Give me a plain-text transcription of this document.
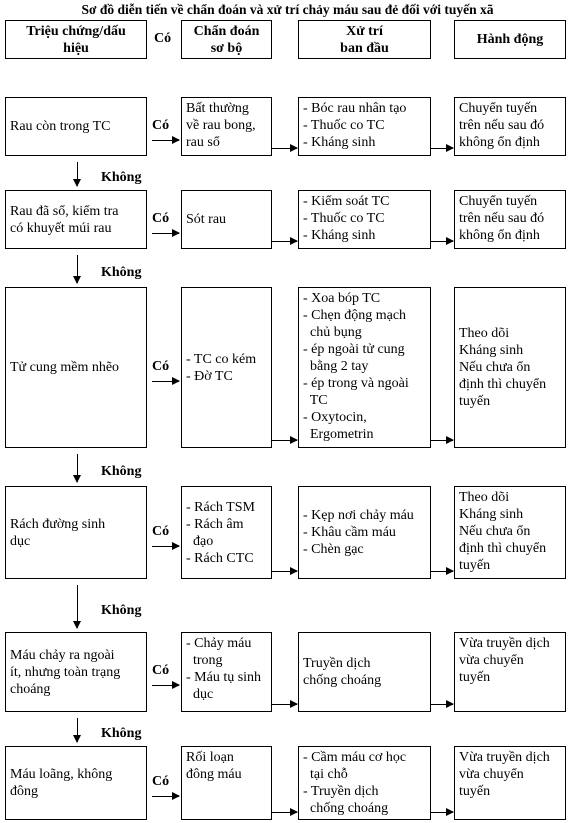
Sơ đồ diễn tiến về chẩn đoán và xử trí chảy máu sau đẻ đối với tuyến xã
Triệu chứng/dấu
hiệu
Có Chẩn đoán
sơ bộ
Xử trí
ban đầu
Hành động
Rau còn trong TC	Có
Bất thường
về rau bong,
rau sổ
- Bóc rau nhân tạo
- Thuốc co TC
- Kháng sinh
Chuyển tuyến
trên nếu sau đó
không ổn định
Không
Rau đã sổ, kiểm tra
có khuyết múi rau
Có Sót rau
- Kiểm soát TC
- Thuốc co TC
- Kháng sinh
Chuyển tuyến
trên nếu sau đó
không ổn định
Không
Tử cung mềm nhẽo Có - TC co kém
- Đờ TC
- Xoa bóp TC
- Chẹn động mạch
chủ bụng
- ép ngoài tử cung
bằng 2 tay
- ép trong và ngoài
TC
- Oxytocin,
Ergometrin
Theo dõi
Kháng sinh
Nếu chưa ổn
định thì chuyển
tuyến
Không
Rách đường sinh
dục
Có
- Rách TSM
- Rách âm
đạo
- Rách CTC
- Kẹp nơi chảy máu
- Khâu cầm máu
- Chèn gạc
Theo dõi
Kháng sinh
Nếu chưa ổn
định thì chuyển
tuyến
Không
Máu chảy ra ngoài
ít, nhưng toàn trạng
choáng
Có
- Chảy máu
trong
- Máu tụ sinh
dục
Truyền dịch
chống choáng
Vừa truyền dịch
vừa chuyển
tuyến
Không
Máu loãng, không
đông
Có
Rối loạn
đông máu
- Cầm máu cơ học
tại chỗ
- Truyền dịch
chống choáng
Vừa truyền dịch
vừa chuyển
tuyến
